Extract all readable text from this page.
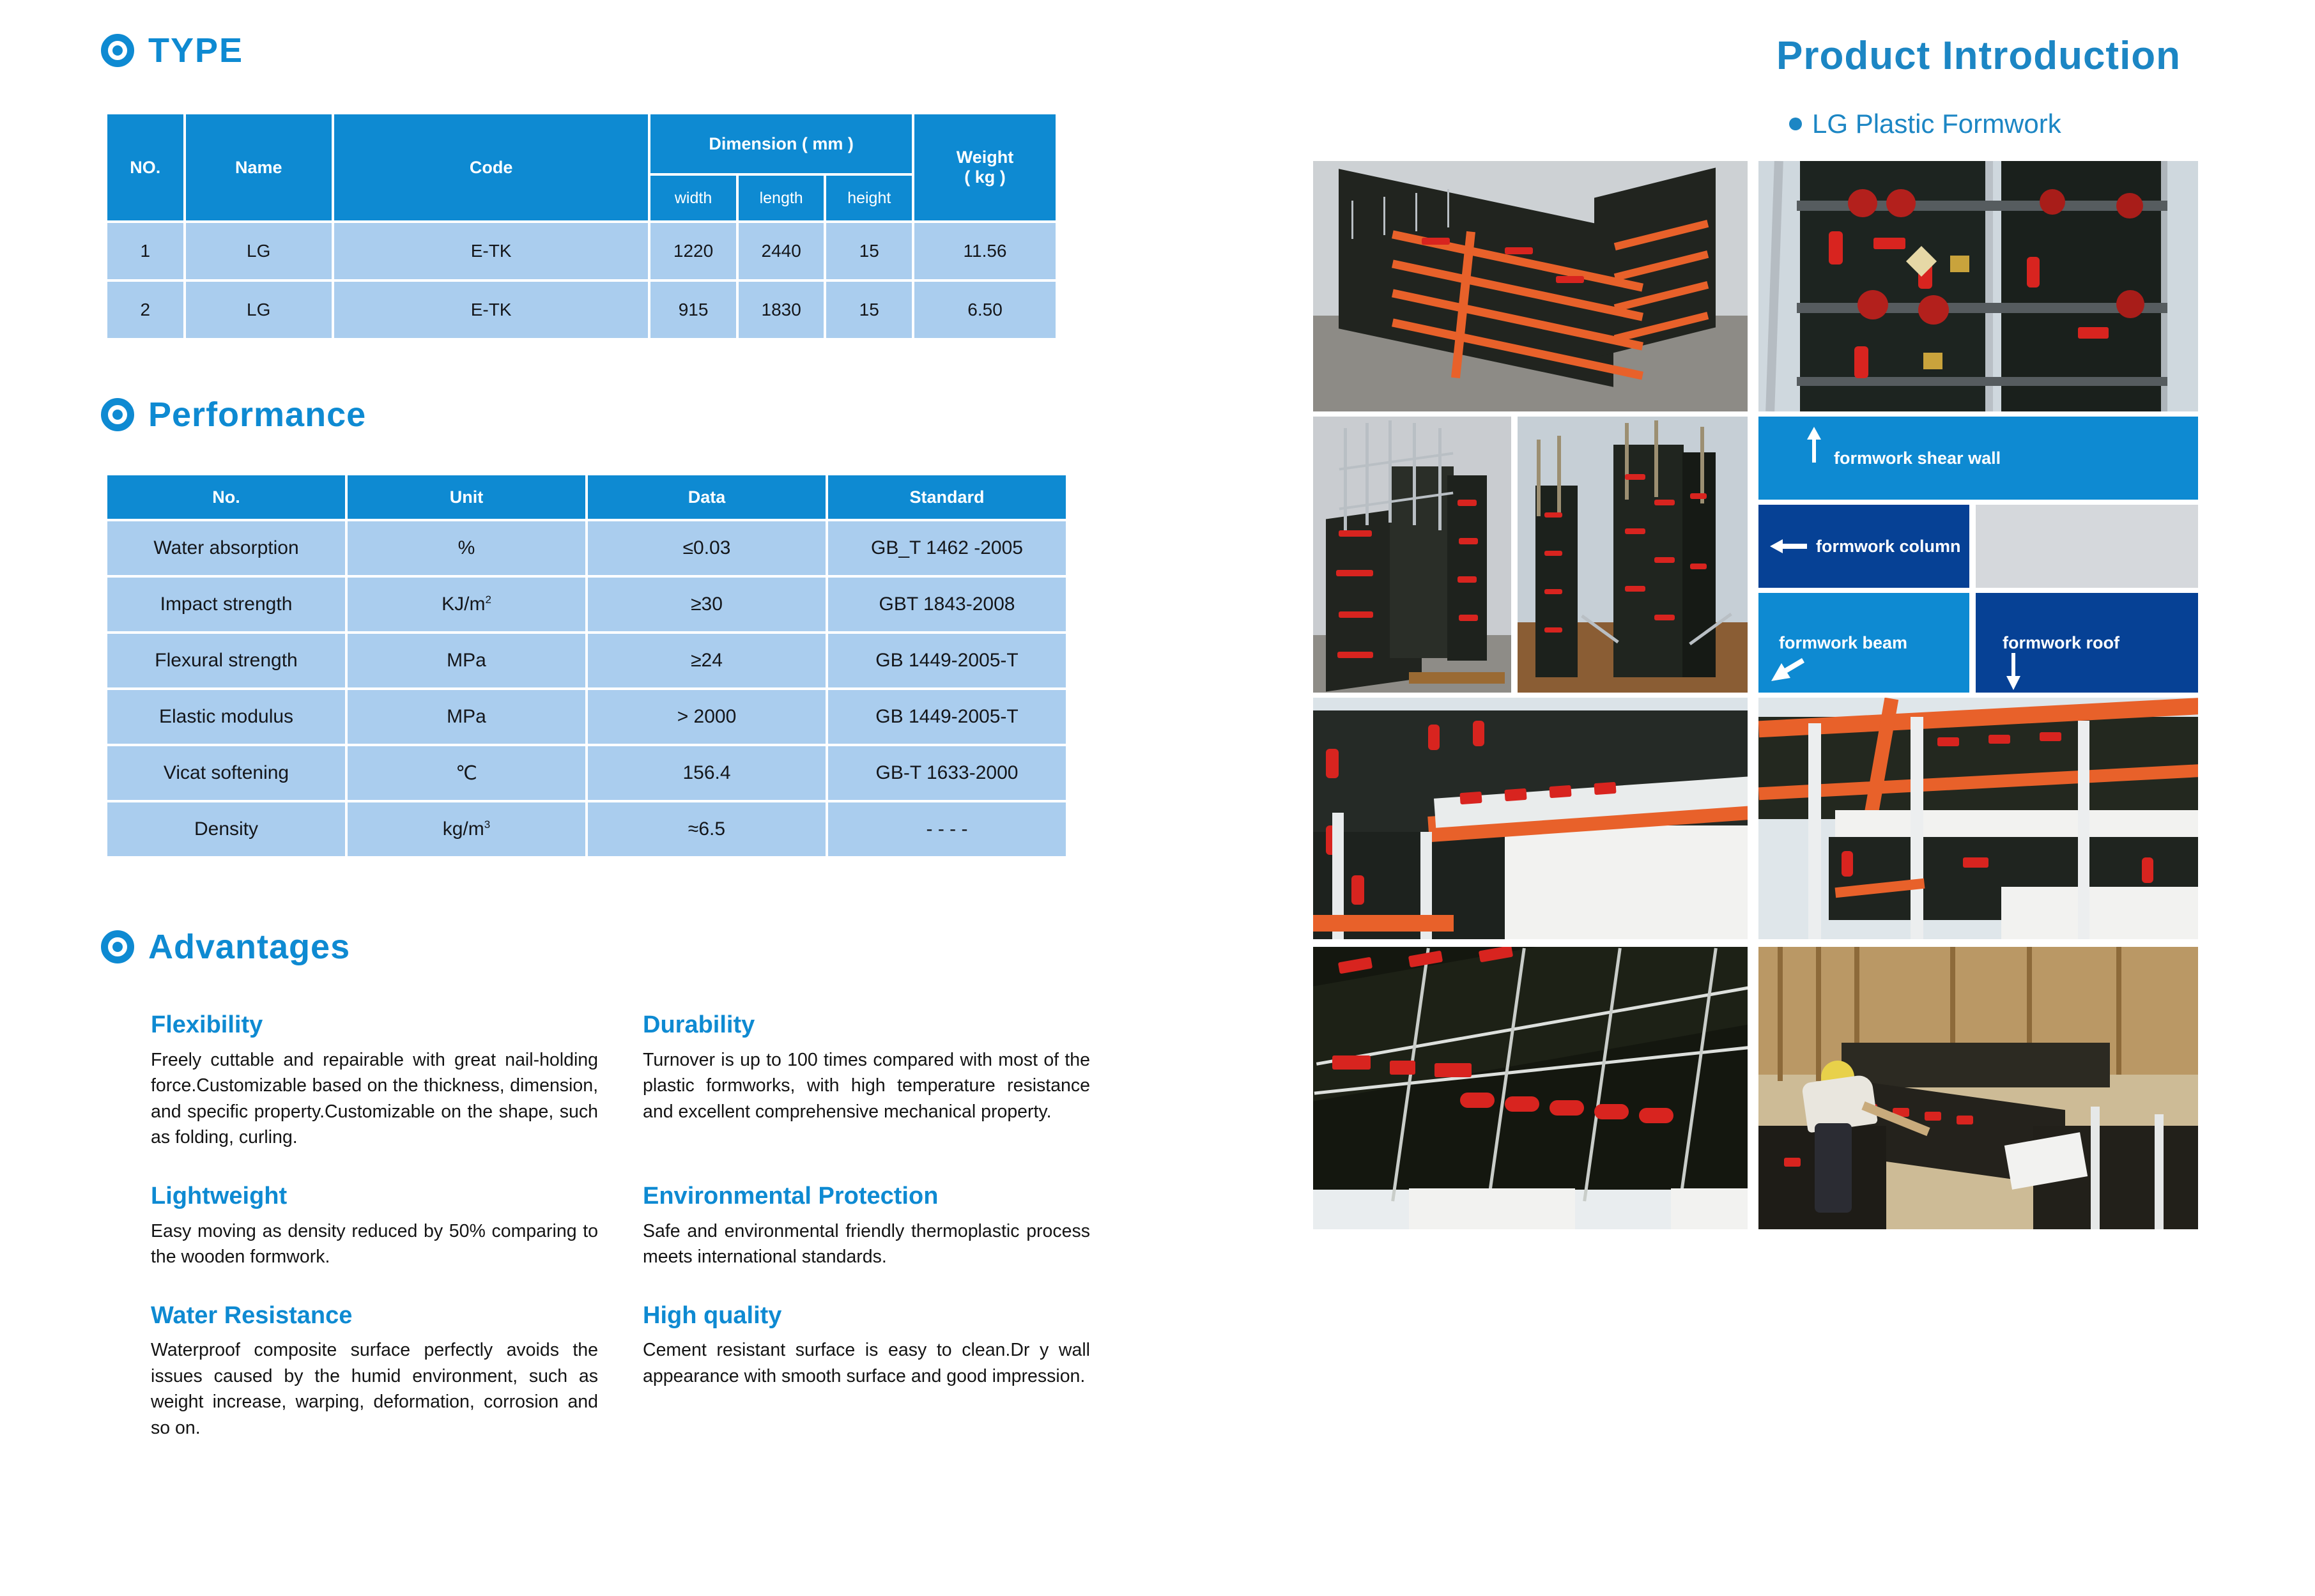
TYPE
NO.	Name	Code	Dimension ( mm )			Weight
( kg )

			width	length	height	
1	LG	E-TK	1220	2440	15	11.56
2	LG	E-TK	915	1830	15	6.50
Performance
No.	Unit	Data	Standard
Water absorption	%	≤0.03	GB_T 1462 -2005
Impact strength	$KJ/m^2$	≥30	GBT 1843-2008
Flexural strength	MPa	≥24	GB 1449-2005-T
Elastic modulus	MPa	> 2000	GB 1449-2005-T
Vicat softening	℃	156.4	GB-T 1633-2000
Density	$kg/m^3$	≈6.5	- - - -
Advantages
Flexibility
Freely cuttable and repairable with great nail-holding force.Customizable based on the thickness, dimension, and specific property.Customizable on the shape, such as folding, curling.
Durability
Turnover is up to 100 times compared with most of the plastic formworks, with high temperature resistance and excellent comprehensive mechanical property.
Lightweight
Easy moving as density reduced by 50% comparing to the wooden formwork.
Environmental Protection
Safe and environmental friendly thermoplastic process meets international standards.
Water Resistance
Waterproof composite surface perfectly avoids the issues caused by the humid environment, such as weight increase, warping, deformation, corrosion and so on.
High quality
Cement resistant surface is easy to clean.Dr y wall appearance with smooth surface and good impression.
Product Introduction
LG Plastic Formwork
formwork shear wall
formwork column
formwork beam	formwork roof
